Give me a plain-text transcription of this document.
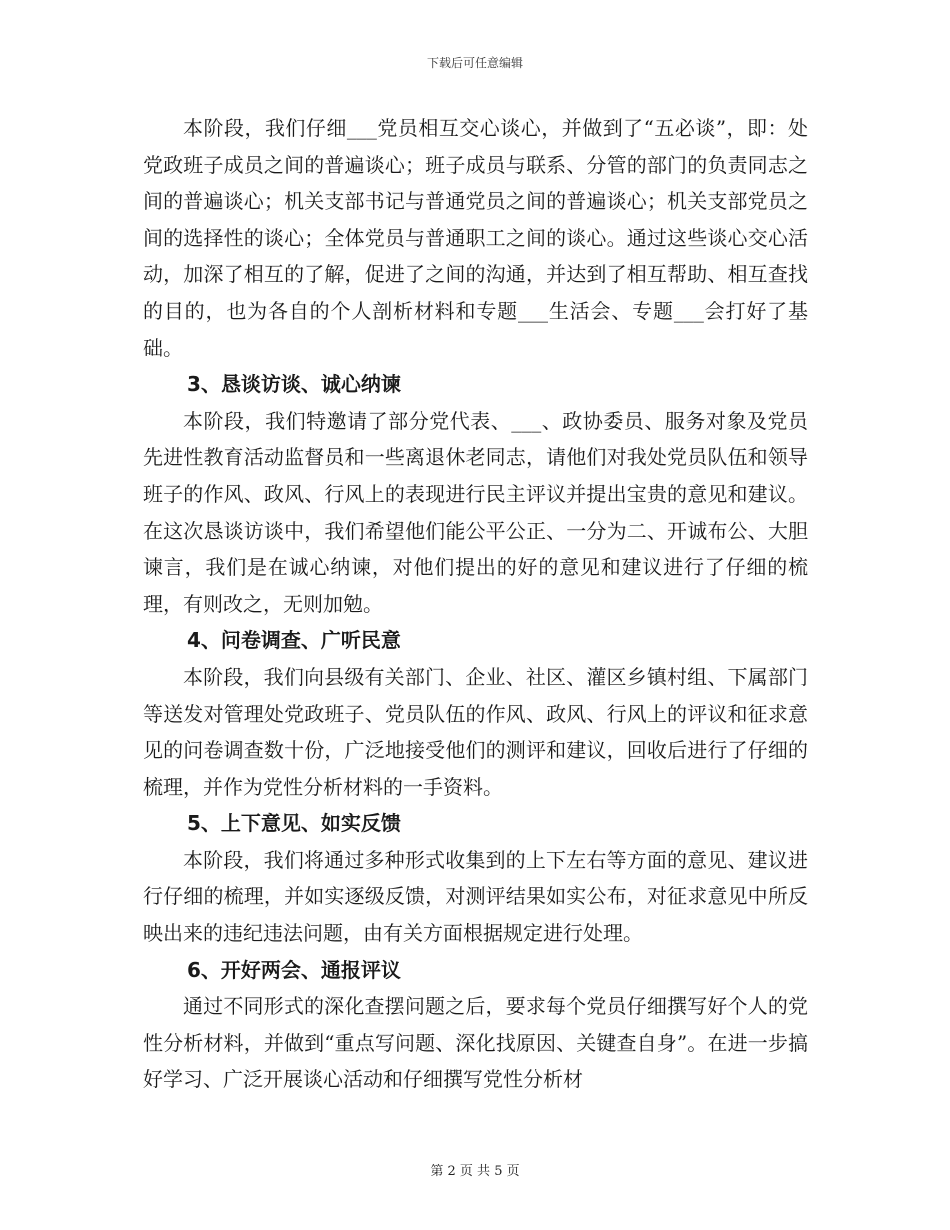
下载后可任意编辑

本阶段，我们仔细___党员相互交心谈心，并做到了“五必谈”，即：处党政班子成员之间的普遍谈心；班子成员与联系、分管的部门的负责同志之间的普遍谈心；机关支部书记与普通党员之间的普遍谈心；机关支部党员之间的选择性的谈心；全体党员与普通职工之间的谈心。通过这些谈心交心活动，加深了相互的了解，促进了之间的沟通，并达到了相互帮助、相互查找的目的，也为各自的个人剖析材料和专题___生活会、专题___会打好了基础。

3、恳谈访谈、诚心纳谏

本阶段，我们特邀请了部分党代表、___、政协委员、服务对象及党员先进性教育活动监督员和一些离退休老同志，请他们对我处党员队伍和领导班子的作风、政风、行风上的表现进行民主评议并提出宝贵的意见和建议。在这次恳谈访谈中，我们希望他们能公平公正、一分为二、开诚布公、大胆谏言，我们是在诚心纳谏，对他们提出的好的意见和建议进行了仔细的梳理，有则改之，无则加勉。

4、问卷调查、广听民意

本阶段，我们向县级有关部门、企业、社区、灌区乡镇村组、下属部门等送发对管理处党政班子、党员队伍的作风、政风、行风上的评议和征求意见的问卷调查数十份，广泛地接受他们的测评和建议，回收后进行了仔细的梳理，并作为党性分析材料的一手资料。

5、上下意见、如实反馈

本阶段，我们将通过多种形式收集到的上下左右等方面的意见、建议进行仔细的梳理，并如实逐级反馈，对测评结果如实公布，对征求意见中所反映出来的违纪违法问题，由有关方面根据规定进行处理。

6、开好两会、通报评议

通过不同形式的深化查摆问题之后，要求每个党员仔细撰写好个人的党性分析材料，并做到“重点写问题、深化找原因、关键查自身”。在进一步搞好学习、广泛开展谈心活动和仔细撰写党性分析材

第 2 页 共 5 页
